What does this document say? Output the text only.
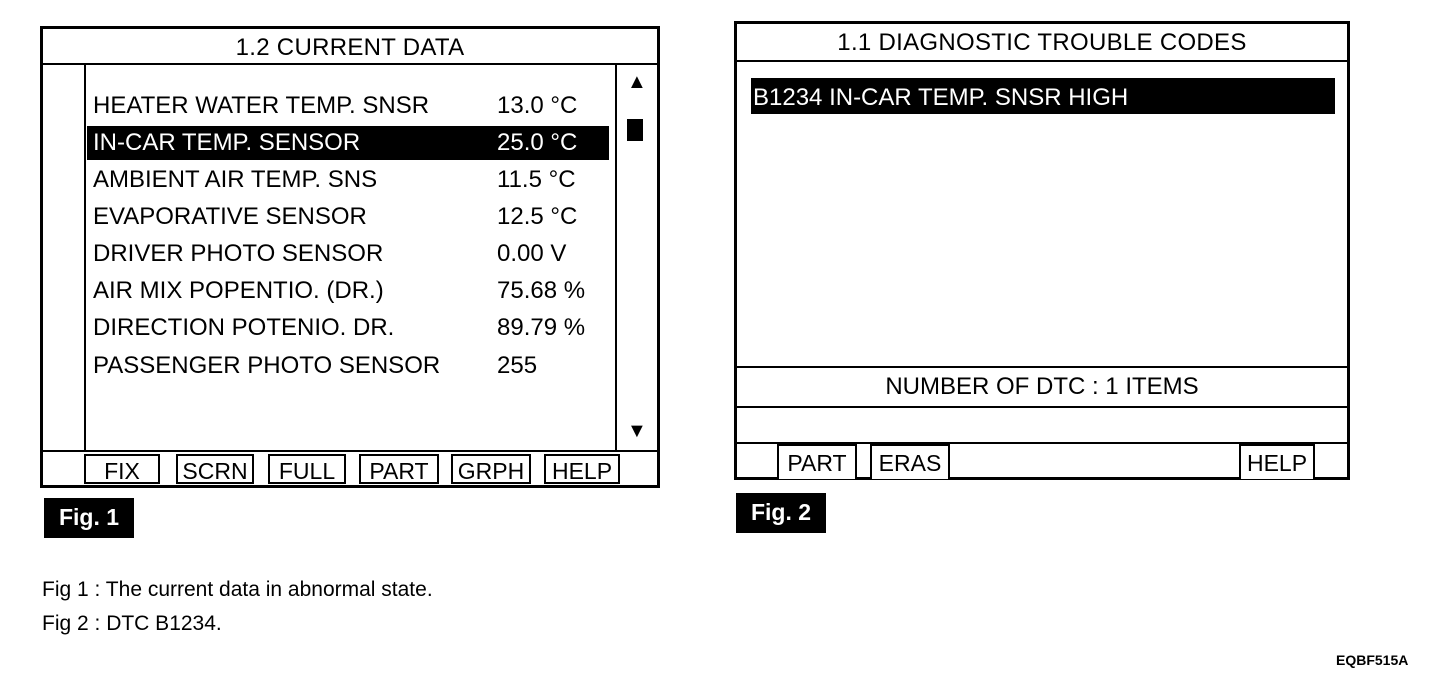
1.2 CURRENT DATA
HEATER WATER TEMP. SNSR	13.0 °C
IN-CAR TEMP. SENSOR	25.0 °C
AMBIENT AIR TEMP. SNS	11.5 °C
EVAPORATIVE SENSOR	12.5 °C
DRIVER PHOTO SENSOR	0.00 V
AIR MIX POPENTIO. (DR.)	75.68 %
DIRECTION POTENIO. DR.	89.79 %
PASSENGER PHOTO SENSOR 255
▲
▼
FIX	SCRN	FULL	PART	GRPH	HELP
Fig. 1
1.1 DIAGNOSTIC TROUBLE CODES
B1234 IN-CAR TEMP. SNSR HIGH
NUMBER OF DTC : 1 ITEMS
PART	ERAS	HELP
Fig. 2
Fig 1 : The current data in abnormal state.
Fig 2 : DTC B1234.
EQBF515A
